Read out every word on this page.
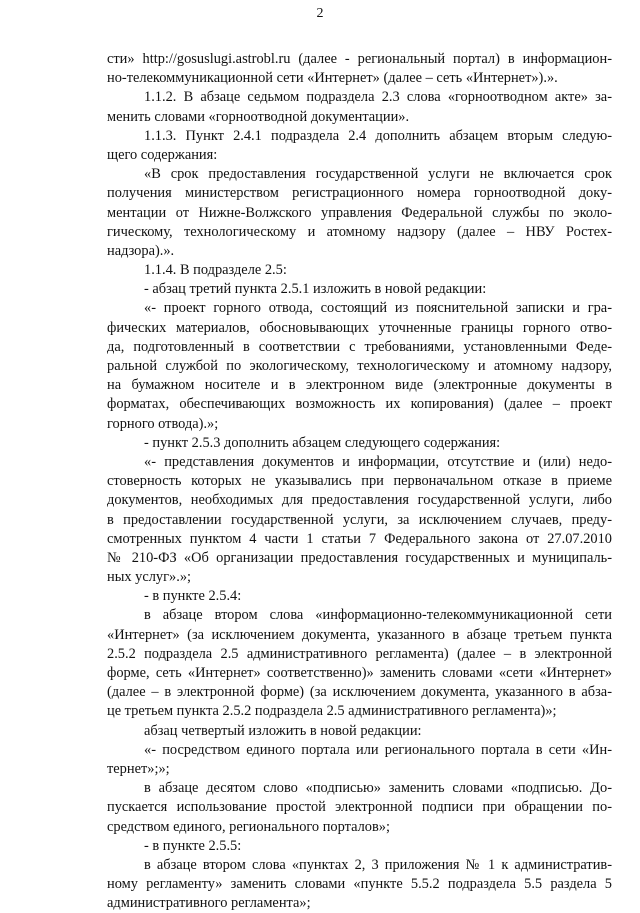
2
сти» http://gosuslugi.astrobl.ru (далее - региональный портал) в информацион-
но-телекоммуникационной сети «Интернет» (далее – сеть «Интернет»).».
1.1.2. В абзаце седьмом подраздела 2.3 слова «горноотводном акте» за-
менить словами «горноотводной документации».
1.1.3. Пункт 2.4.1 подраздела 2.4 дополнить абзацем вторым следую-
щего содержания:
«В срок предоставления государственной услуги не включается срок
получения министерством регистрационного номера горноотводной доку-
ментации от Нижне-Волжского управления Федеральной службы по эколо-
гическому, технологическому и атомному надзору (далее – НВУ Ростех-
надзора).».
1.1.4. В подразделе 2.5:
- абзац третий пункта 2.5.1 изложить в новой редакции:
«- проект горного отвода, состоящий из пояснительной записки и гра-
фических материалов, обосновывающих уточненные границы горного отво-
да, подготовленный в соответствии с требованиями, установленными Феде-
ральной службой по экологическому, технологическому и атомному надзору,
на бумажном носителе и в электронном виде (электронные документы в
форматах, обеспечивающих возможность их копирования) (далее – проект
горного отвода).»;
- пункт 2.5.3 дополнить абзацем следующего содержания:
«- представления документов и информации, отсутствие и (или) недо-
стоверность которых не указывались при первоначальном отказе в приеме
документов, необходимых для предоставления государственной услуги, либо
в предоставлении государственной услуги, за исключением случаев, преду-
смотренных пунктом 4 части 1 статьи 7 Федерального закона от 27.07.2010
№ 210-ФЗ «Об организации предоставления государственных и муниципаль-
ных услуг».»;
- в пункте 2.5.4:
в абзаце втором слова «информационно-телекоммуникационной сети
«Интернет» (за исключением документа, указанного в абзаце третьем пункта
2.5.2 подраздела 2.5 административного регламента) (далее – в электронной
форме, сеть «Интернет» соответственно)» заменить словами «сети «Интернет»
(далее – в электронной форме) (за исключением документа, указанного в абза-
це третьем пункта 2.5.2 подраздела 2.5 административного регламента)»;
абзац четвертый изложить в новой редакции:
«- посредством единого портала или регионального портала в сети «Ин-
тернет»;»;
в абзаце десятом слово «подписью» заменить словами «подписью. До-
пускается использование простой электронной подписи при обращении по-
средством единого, регионального порталов»;
- в пункте 2.5.5:
в абзаце втором слова «пунктах 2, 3 приложения № 1 к административ-
ному регламенту» заменить словами «пункте 5.5.2 подраздела 5.5 раздела 5
административного регламента»;
